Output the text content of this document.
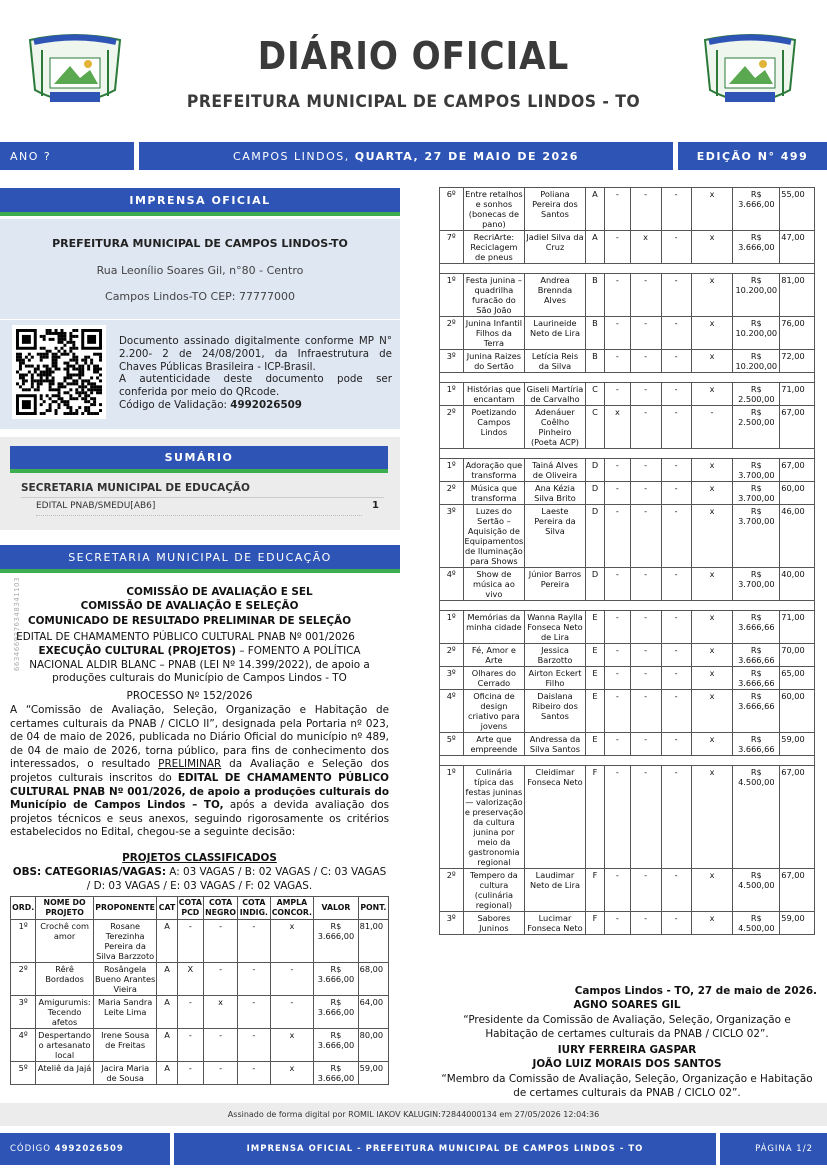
DIÁRIO OFICIAL
PREFEITURA MUNICIPAL DE CAMPOS LINDOS - TO
ANO ?	CAMPOS LINDOS,
QUARTA, 27 DE MAIO DE 2026	EDIÇÃO N° 499
IMPRENSA OFICIAL
PREFEITURA MUNICIPAL DE CAMPOS LINDOS-TO
Rua Leonílio Soares Gil, n°80 - Centro
Campos Lindos-TO CEP: 77777000
Documento assinado digitalmente conforme MP N° 2.200- 2 de 24/08/2001, da Infraestrutura de Chaves Públicas Brasileira - ICP-Brasil.
A autenticidade deste documento pode ser conferida por meio do QRcode.
Código de Validação: 4992026509
SUMÁRIO
SECRETARIA MUNICIPAL DE EDUCAÇÃO
EDITAL PNAB/SMEDU[AB6]	1
SECRETARIA MUNICIPAL DE EDUCAÇÃO
6634669376348341103	COMISSÃO DE AVALIAÇÃO E SEL
COMISSÃO DE AVALIAÇÃO E SELEÇÃO
COMUNICADO DE RESULTADO PRELIMINAR DE SELEÇÃO
EDITAL DE CHAMAMENTO PÚBLICO CULTURAL PNAB Nº 001/2026
EXECUÇÃO CULTURAL (PROJETOS) – FOMENTO A POLÍTICA NACIONAL ALDIR BLANC – PNAB (LEI Nº 14.399/2022), de apoio a produções culturais do Município de Campos Lindos - TO
PROCESSO Nº 152/2026
A “Comissão de Avaliação, Seleção, Organização e Habitação de certames culturais da PNAB / CICLO II”, designada pela Portaria nº 023, de 04 de maio de 2026, publicada no Diário Oficial do município nº 489, de 04 de maio de 2026, torna público, para fins de conhecimento dos interessados, o resultado PRELIMINAR da Avaliação e Seleção dos projetos culturais inscritos do EDITAL DE CHAMAMENTO PÚBLICO CULTURAL PNAB Nº 001/2026, de apoio a produções culturais do Município de Campos Lindos – TO, após a devida avaliação dos projetos técnicos e seus anexos, seguindo rigorosamente os critérios estabelecidos no Edital, chegou-se a seguinte decisão:
PROJETOS CLASSIFICADOS
OBS: CATEGORIAS/VAGAS: A: 03 VAGAS / B: 02 VAGAS / C: 03 VAGAS / D: 03 VAGAS / E: 03 VAGAS / F: 02 VAGAS.
ORD.	NOME DO PROJETO	PROPONENTE	CAT	COTA PCD	COTA NEGRO	COTA INDIG.	AMPLA CONCOR.	VALOR	PONT.
1º	Crochê com amor	Rosane Terezinha Pereira da Silva Barzzoto	A	-	-	-	x	R$ 3.666,00	81,00
2º	Rêrê Bordados	Rosângela Bueno Arantes Vieira	A	X	-	-	-	R$ 3.666,00	68,00
3º	Amigurumis: Tecendo afetos	Maria Sandra Leite Lima	A	-	x	-	-	R$ 3.666,00	64,00
4º	Despertando o artesanato local	Irene Sousa de Freitas	A	-	-	-	x	R$ 3.666,00	80,00
5º	Ateliê da Jajá	Jacira Maria de Sousa	A	-	-	-	x	R$ 3.666,00	59,00
6º	Entre retalhos e sonhos (bonecas de pano)	Poliana Pereira dos Santos	A	-	-	-	x	R$ 3.666,00	55,00
7º	RecriArte: Reciclagem de pneus	Jadiel Silva da Cruz	A	-	x	-	x	R$ 3.666,00	47,00

1º	Festa junina – quadrilha furacão do São João	Andrea Brennda Alves	B	-	-	-	x	R$ 10.200,00	81,00
2º	Junina Infantil Filhos da Terra	Laurineide Neto de Lira	B	-	-	-	x	R$ 10.200,00	76,00
3º	Junina Raizes do Sertão	Letícia Reis da Silva	B	-	-	-	x	R$ 10.200,00	72,00

1º	Histórias que encantam	Giseli Martíria de Carvalho	C	-	-	-	x	R$ 2.500,00	71,00
2º	Poetizando Campos Lindos	Adenáuer Coêlho Pinheiro (Poeta ACP)	C	x	-	-	-	R$ 2.500,00	67,00

1º	Adoração que transforma	Tainá Alves de Oliveira	D	-	-	-	x	R$ 3.700,00	67,00
2º	Música que transforma	Ana Kézia Silva Brito	D	-	-	-	x	R$ 3.700,00	60,00
3º	Luzes do Sertão – Aquisição de Equipamentos de Iluminação para Shows	Laeste Pereira da Silva	D	-	-	-	x	R$ 3.700,00	46,00
4º	Show de música ao vivo	Júnior Barros Pereira	D	-	-	-	x	R$ 3.700,00	40,00

1º	Memórias da minha cidade	Wanna Raylla Fonseca Neto de Lira	E	-	-	-	x	R$ 3.666,66	71,00
2º	Fé, Amor e Arte	Jessica Barzotto	E	-	-	-	x	R$ 3.666,66	70,00
3º	Olhares do Cerrado	Airton Eckert Filho	E	-	-	-	x	R$ 3.666,66	65,00
4º	Oficina de design criativo para jovens	Daislana Ribeiro dos Santos	E	-	-	-	x	R$ 3.666,66	60,00
5º	Arte que empreende	Andressa da Silva Santos	E	-	-	-	x	R$ 3.666,66	59,00

1º	Culinária típica das festas juninas — valorização e preservação da cultura junina por meio da gastronomia regional	Cleidimar Fonseca Neto	F	-	-	-	x	R$ 4.500,00	67,00
2º	Tempero da cultura (culinária regional)	Laudimar Neto de Lira	F	-	-	-	x	R$ 4.500,00	67,00
3º	Sabores Juninos	Lucimar Fonseca Neto	F	-	-	-	x	R$ 4.500,00	59,00
Campos Lindos - TO, 27 de maio de 2026.
AGNO SOARES GIL
“Presidente da Comissão de Avaliação, Seleção, Organização e Habitação de certames culturais da PNAB / CICLO 02”.
IURY FERREIRA GASPAR
JOÃO LUIZ MORAIS DOS SANTOS
“Membro da Comissão de Avaliação, Seleção, Organização e Habitação de certames culturais da PNAB / CICLO 02”.
Assinado de forma digital por ROMIL IAKOV KALUGIN:72844000134 em 27/05/2026 12:04:36
CÓDIGO
4992026509	IMPRENSA OFICIAL - PREFEITURA MUNICIPAL DE CAMPOS LINDOS - TO	PÁGINA 1/2
